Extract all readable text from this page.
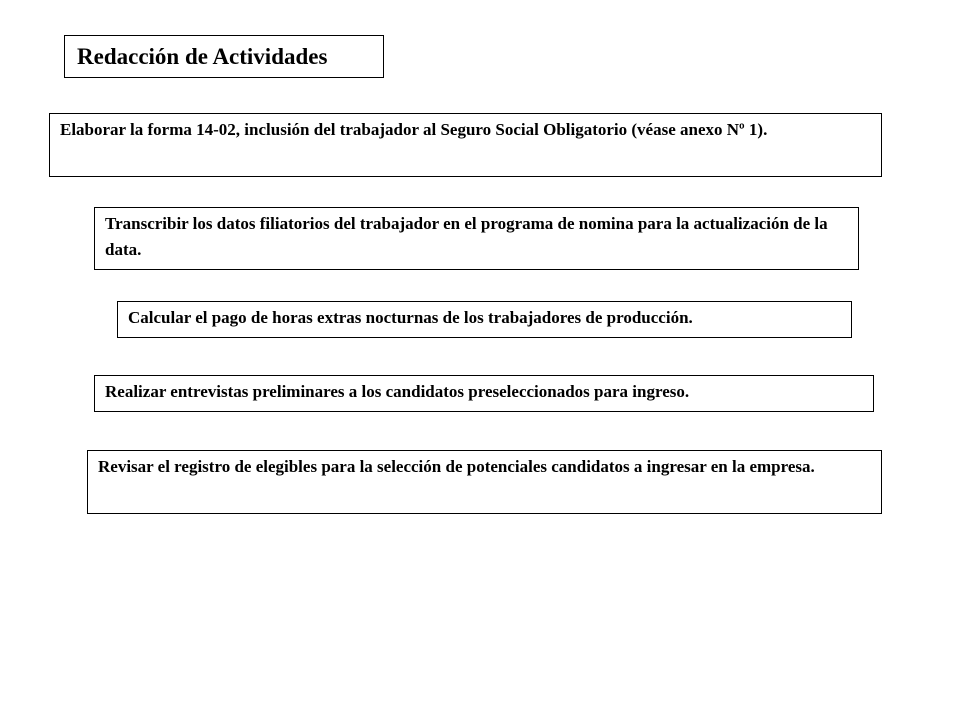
Redacción de Actividades
Elaborar la forma 14-02, inclusión del trabajador al Seguro Social Obligatorio (véase anexo Nº 1).
Transcribir los datos filiatorios del trabajador en el programa de nomina para la actualización de la data.
Calcular el pago de horas extras nocturnas de los trabajadores de producción.
Realizar entrevistas preliminares a los candidatos preseleccionados para ingreso.
Revisar el registro de elegibles para la selección de potenciales candidatos a ingresar en la empresa.
